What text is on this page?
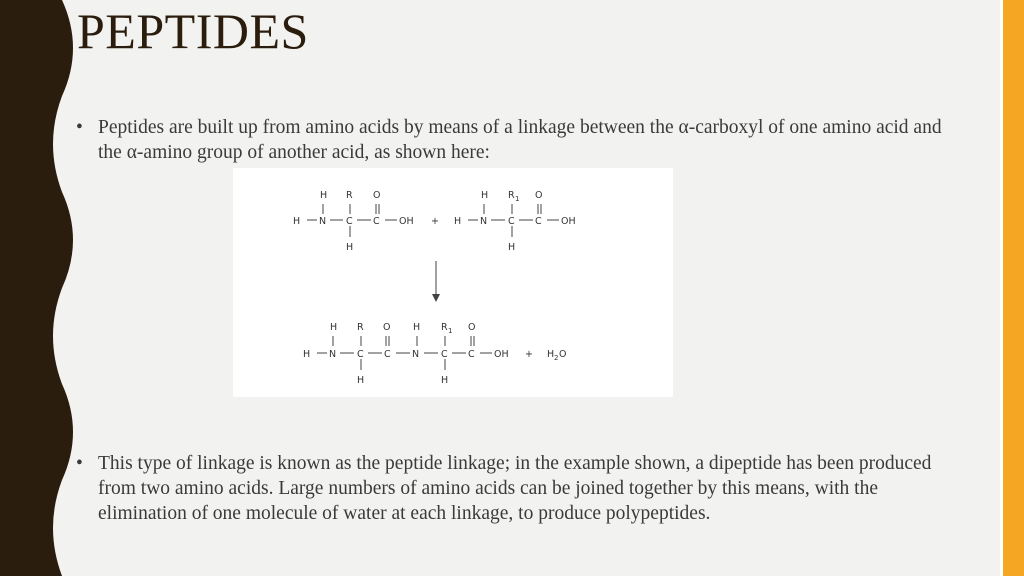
PEPTIDES
• Peptides are built up from amino acids by means of a linkage between the α-carboxyl of one amino acid and the α-amino group of another acid, as shown here:
H R O
H N C C OH
H
+
H R 1 O
H N C C OH
H
H R O H R 1 O
H N C C N C C OH
H	H
+ H 2 O
• This type of linkage is known as the peptide linkage; in the example shown, a dipeptide has been produced from two amino acids. Large numbers of amino acids can be joined together by this means, with the elimination of one molecule of water at each linkage, to produce polypeptides.
